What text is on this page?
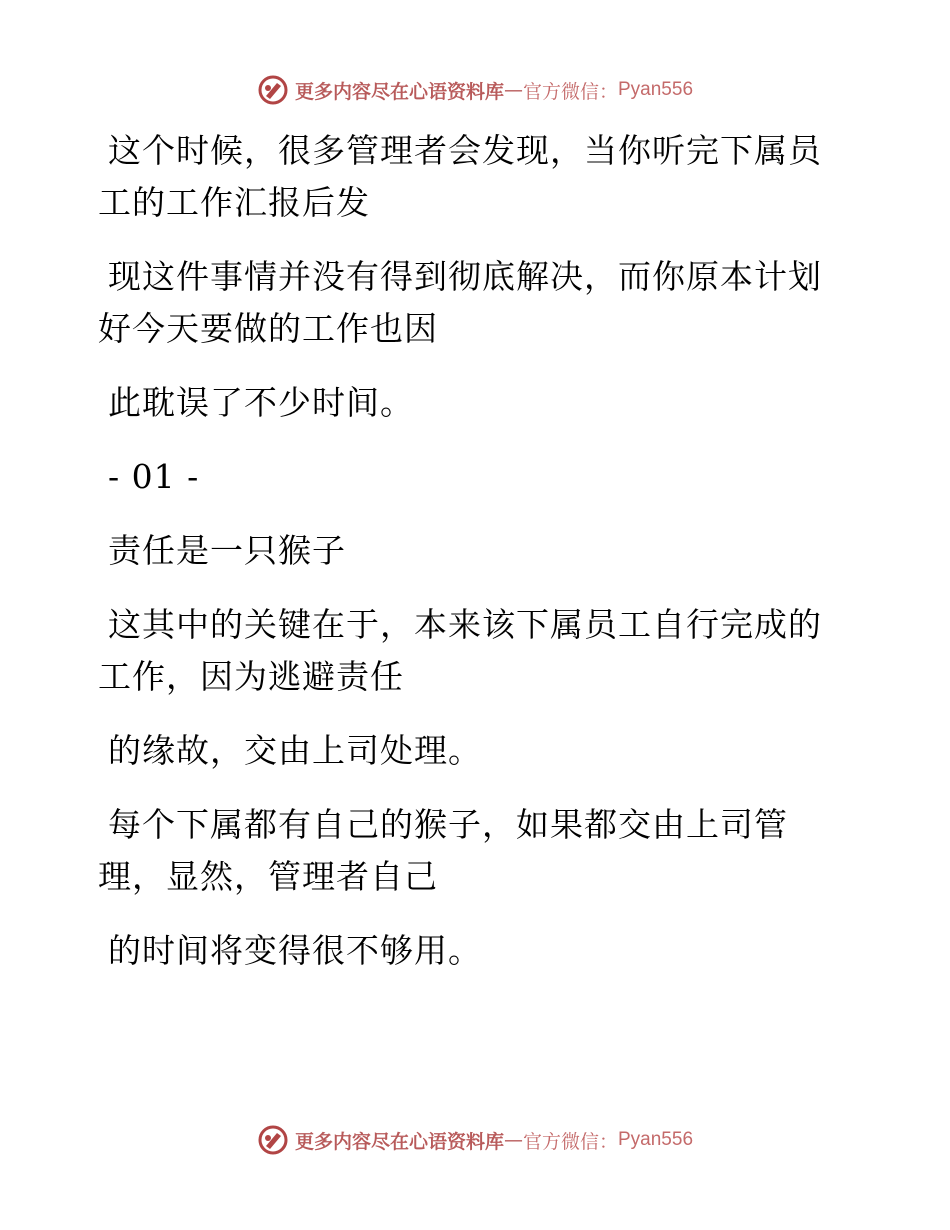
更多内容尽在心语资料库 — 官方微信： Pyan556

这个时候，很多管理者会发现，当你听完下属员
工的工作汇报后发

现这件事情并没有得到彻底解决，而你原本计划
好今天要做的工作也因

此耽误了不少时间。

- 01 -

责任是一只猴子

这其中的关键在于，本来该下属员工自行完成的
工作，因为逃避责任

的缘故，交由上司处理。

每个下属都有自己的猴子，如果都交由上司管
理，显然，管理者自己

的时间将变得很不够用。

更多内容尽在心语资料库 — 官方微信： Pyan556
